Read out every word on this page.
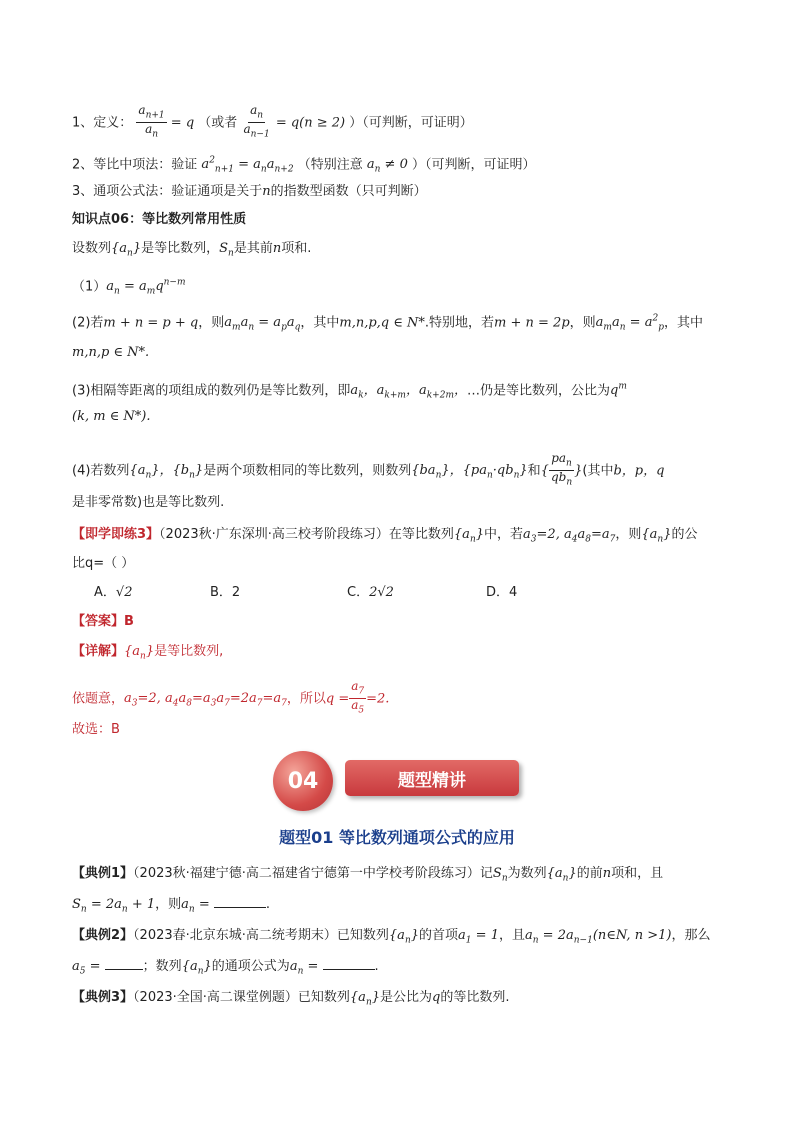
1、定义： $\frac{a_{n+1}}{a_n} = q$ （或者 $\frac{a_n}{a_{n-1}} = q(n \ge 2)$ ）（可判断，可证明）
2、等比中项法：验证 $a^2_{n+1} = a_na_{n+2}$ （特别注意 $a_n \ne 0$ ）（可判断，可证明）
3、通项公式法：验证通项是关于n的指数型函数（只可判断）
知识点06：等比数列常用性质
设数列$\{a_n\}$是等比数列，$S_n$是其前n项和.
$(1)a_n = a_mq^{n-m}$
(2)若m + n = p + q，则$a_ma_n = a_pa_q$，其中m,n,p,q ∈ N*.特别地，若m + n = 2p，则$a_ma_n = a^2_p$，其中
m,n,p ∈ N*.
(3)相隔等距离的项组成的数列仍是等比数列，即$a_k$，$a_{k+m}$，$a_{k+2m}$，…仍是等比数列，公比为$q^m$
(k, m ∈ N*).
(4)若数列$\{a_n\}$，$\{b_n\}$是两个项数相同的等比数列，则数列$\{ba_n\}$，$\{pa_n\cdot qb_n\}$和{ $\frac{pa_n}{qb_n}$ }(其中b，p，q
是非零常数)也是等比数列.
【即学即练3】（2023秋·广东深圳·高三校考阶段练习）在等比数列$\{a_n\}$中，若$a_3=2$, $a_4a_8=a_7$，则$\{a_n\}$的公
比q=（ ）
A．√2	B．2	C．2√2	D．4
【答案】B
【详解】$\{a_n\}$是等比数列,
依题意，$a_3=2$, $a_4a_8=a_3a_7=2a_7=a_7$，所以$q = \frac{a_7}{a_5} =2$.
故选：B
04	题型精讲
题型01 等比数列通项公式的应用
【典例1】（2023秋·福建宁德·高二福建省宁德第一中学校考阶段练习）记$S_n$为数列$\{a_n\}$的前n项和，且
$S_n = 2a_n + 1$，则$a_n$ =	.
【典例2】（2023春·北京东城·高二统考期末）已知数列$\{a_n\}$的首项$a_1 = 1$，且$a_n$ = $2a_{n-1}(n\in N$, n >1)，那么
$a_5$ =	；数列$\{a_n\}$的通项公式为$a_n$ =	.
【典例3】（2023·全国·高二课堂例题）已知数列$\{a_n\}$是公比为q的等比数列.
